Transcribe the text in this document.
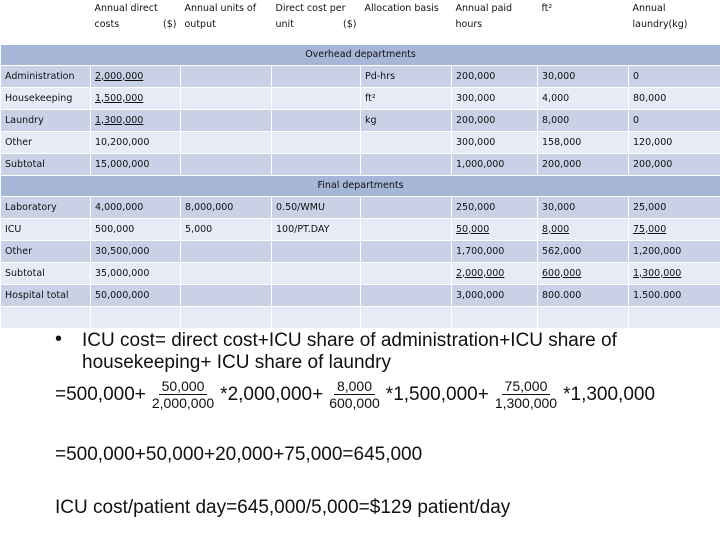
	Annual direct costs ($)	Annual units of output	Direct cost per unit ($)	Allocation basis	Annual paid hours	ft²	Annual laundry(kg)
Overhead departments							
Administration	2,000,000			Pd-hrs	200,000	30,000	0
Housekeeping	1,500,000			ft²	300,000	4,000	80,000
Laundry	1,300,000			kg	200,000	8,000	0
Other	10,200,000				300,000	158,000	120,000
Subtotal	15,000,000				1,000,000	200,000	200,000
Final departments							
Laboratory	4,000,000	8,000,000	0.50/WMU		250,000	30,000	25,000
ICU	500,000	5,000	100/PT.DAY		50,000	8,000	75,000
Other	30,500,000				1,700,000	562,000	1,200,000
Subtotal	35,000,000				2,000,000	600,000	1,300,000
Hospital total	50,000,000				3,000,000	800.000	1.500.000

• ICU cost= direct cost+ICU share of administration+ICU share of
housekeeping+ ICU share of laundry
$=500,000+ \frac{50,000}{2,000,000} *2,000,000+ \frac{8,000}{600,000} *1,500,000+ \frac{75,000}{1,300,000} *1,300,000$
=500,000+50,000+20,000+75,000=645,000
ICU cost/patient day=645,000/5,000=$129 patient/day
